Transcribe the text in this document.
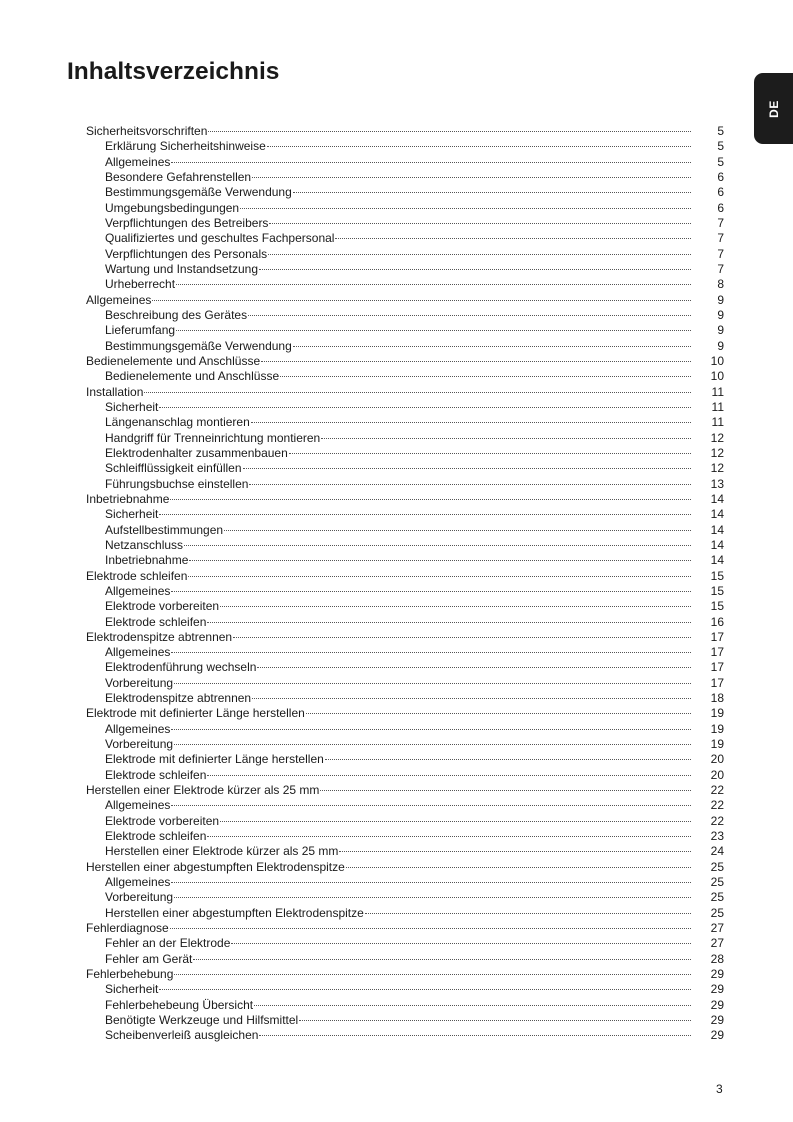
Inhaltsverzeichnis
DE
Sicherheitsvorschriften	5
Erklärung Sicherheitshinweise	5
Allgemeines	5
Besondere Gefahrenstellen	6
Bestimmungsgemäße Verwendung	6
Umgebungsbedingungen	6
Verpflichtungen des Betreibers	7
Qualifiziertes und geschultes Fachpersonal	7
Verpflichtungen des Personals	7
Wartung und Instandsetzung	7
Urheberrecht	8
Allgemeines	9
Beschreibung des Gerätes	9
Lieferumfang	9
Bestimmungsgemäße Verwendung	9
Bedienelemente und Anschlüsse	10
Bedienelemente und Anschlüsse	10
Installation	11
Sicherheit	11
Längenanschlag montieren	11
Handgriff für Trenneinrichtung montieren	12
Elektrodenhalter zusammenbauen	12
Schleifflüssigkeit einfüllen	12
Führungsbuchse einstellen	13
Inbetriebnahme	14
Sicherheit	14
Aufstellbestimmungen	14
Netzanschluss	14
Inbetriebnahme	14
Elektrode schleifen	15
Allgemeines	15
Elektrode vorbereiten	15
Elektrode schleifen	16
Elektrodenspitze abtrennen	17
Allgemeines	17
Elektrodenführung wechseln	17
Vorbereitung	17
Elektrodenspitze abtrennen	18
Elektrode mit definierter Länge herstellen	19
Allgemeines	19
Vorbereitung	19
Elektrode mit definierter Länge herstellen	20
Elektrode schleifen	20
Herstellen einer Elektrode kürzer als 25 mm	22
Allgemeines	22
Elektrode vorbereiten	22
Elektrode schleifen	23
Herstellen einer Elektrode kürzer als 25 mm	24
Herstellen einer abgestumpften Elektrodenspitze	25
Allgemeines	25
Vorbereitung	25
Herstellen einer abgestumpften Elektrodenspitze	25
Fehlerdiagnose	27
Fehler an der Elektrode	27
Fehler am Gerät	28
Fehlerbehebung	29
Sicherheit	29
Fehlerbehebeung Übersicht	29
Benötigte Werkzeuge und Hilfsmittel	29
Scheibenverleiß ausgleichen	29
3
